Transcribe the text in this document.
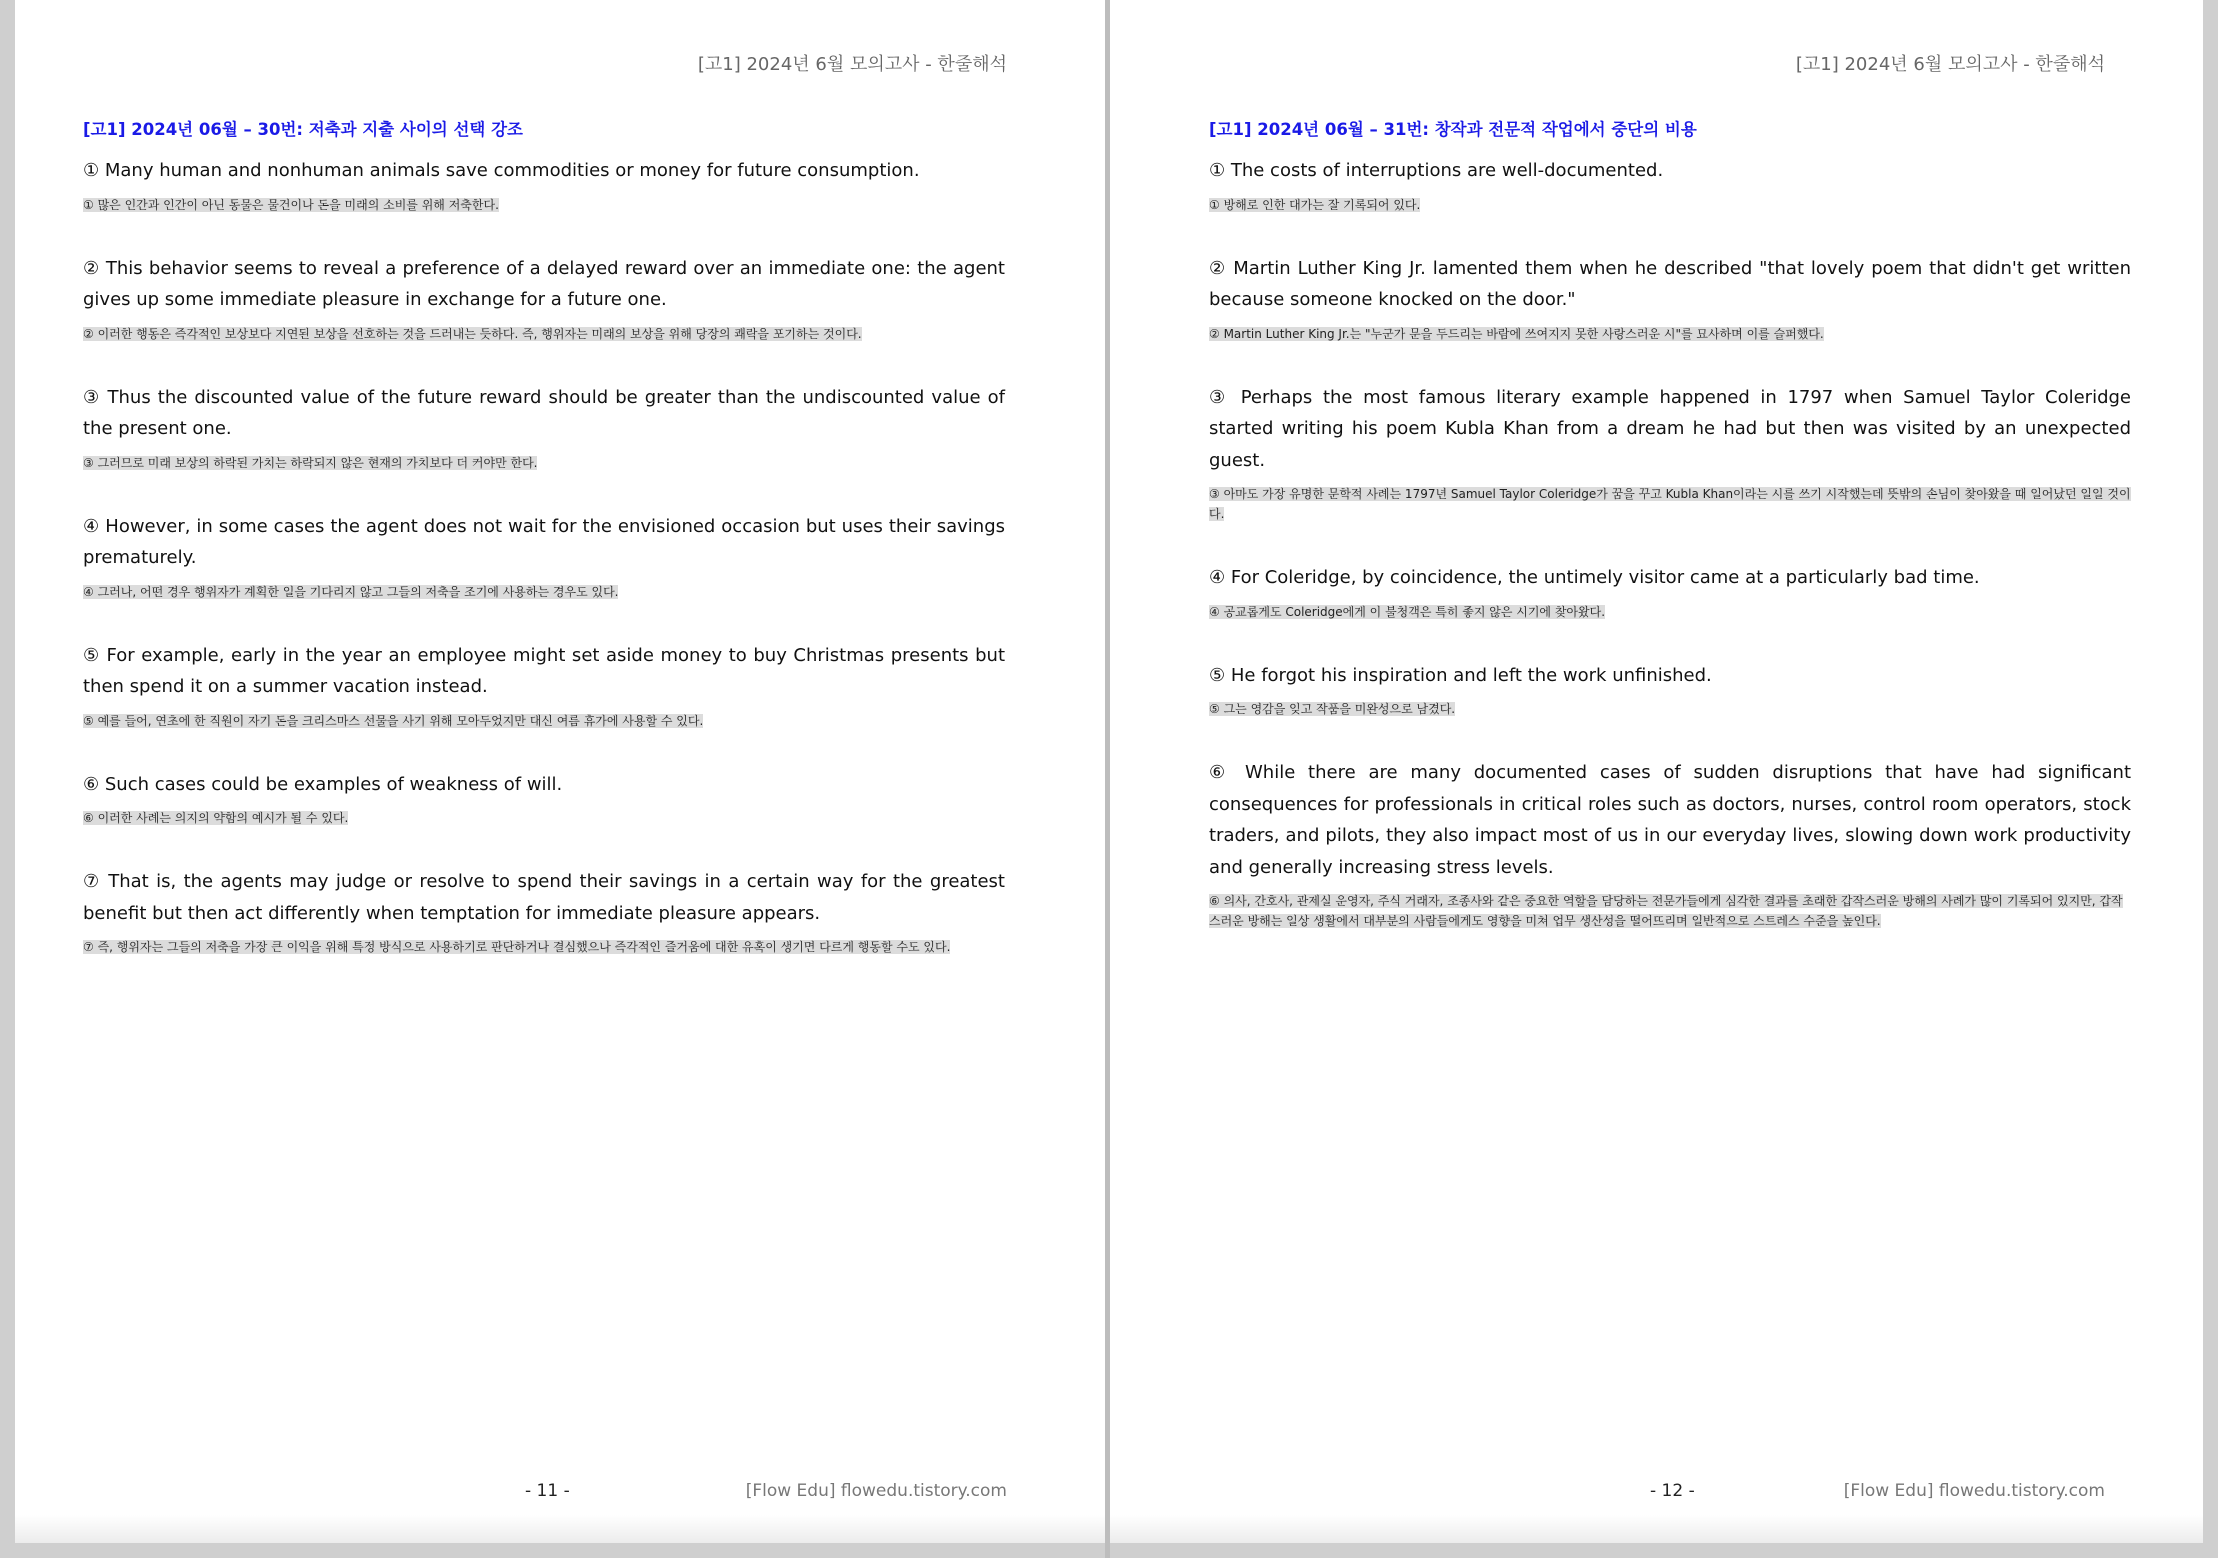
[고1] 2024년 6월 모의고사 - 한줄해석
[고1] 2024년 06월 – 30번: 저축과 지출 사이의 선택 강조

① Many human and nonhuman animals save commodities or money for future consumption.

① 많은 인간과 인간이 아닌 동물은 물건이나 돈을 미래의 소비를 위해 저축한다.

② This behavior seems to reveal a preference of a delayed reward over an immediate one: the agent gives up some immediate pleasure in exchange for a future one.

② 이러한 행동은 즉각적인 보상보다 지연된 보상을 선호하는 것을 드러내는 듯하다. 즉, 행위자는 미래의 보상을 위해 당장의 쾌락을 포기하는 것이다.

③ Thus the discounted value of the future reward should be greater than the undiscounted value of the present one.

③ 그러므로 미래 보상의 하락된 가치는 하락되지 않은 현재의 가치보다 더 커야만 한다.

④ However, in some cases the agent does not wait for the envisioned occasion but uses their savings prematurely.

④ 그러나, 어떤 경우 행위자가 계획한 일을 기다리지 않고 그들의 저축을 조기에 사용하는 경우도 있다.

⑤ For example, early in the year an employee might set aside money to buy Christmas presents but then spend it on a summer vacation instead.

⑤ 예를 들어, 연초에 한 직원이 자기 돈을 크리스마스 선물을 사기 위해 모아두었지만 대신 여름 휴가에 사용할 수 있다.

⑥ Such cases could be examples of weakness of will.

⑥ 이러한 사례는 의지의 약함의 예시가 될 수 있다.

⑦ That is, the agents may judge or resolve to spend their savings in a certain way for the greatest benefit but then act differently when temptation for immediate pleasure appears.

⑦ 즉, 행위자는 그들의 저축을 가장 큰 이익을 위해 특정 방식으로 사용하기로 판단하거나 결심했으나 즉각적인 즐거움에 대한 유혹이 생기면 다르게 행동할 수도 있다.
- 11 -	[Flow Edu] flowedu.tistory.com
[고1] 2024년 6월 모의고사 - 한줄해석
[고1] 2024년 06월 – 31번: 창작과 전문적 작업에서 중단의 비용

① The costs of interruptions are well-documented.

① 방해로 인한 대가는 잘 기록되어 있다.

② Martin Luther King Jr. lamented them when he described "that lovely poem that didn't get written because someone knocked on the door."

② Martin Luther King Jr.는 "누군가 문을 두드리는 바람에 쓰여지지 못한 사랑스러운 시"를 묘사하며 이를 슬퍼했다.

③ Perhaps the most famous literary example happened in 1797 when Samuel Taylor Coleridge started writing his poem Kubla Khan from a dream he had but then was visited by an unexpected guest.

③ 아마도 가장 유명한 문학적 사례는 1797년 Samuel Taylor Coleridge가 꿈을 꾸고 Kubla Khan이라는 시를 쓰기 시작했는데 뜻밖의 손님이 찾아왔을 때 일어났던 일일 것이다.

④ For Coleridge, by coincidence, the untimely visitor came at a particularly bad time.

④ 공교롭게도 Coleridge에게 이 불청객은 특히 좋지 않은 시기에 찾아왔다.

⑤ He forgot his inspiration and left the work unfinished.

⑤ 그는 영감을 잊고 작품을 미완성으로 남겼다.

⑥ While there are many documented cases of sudden disruptions that have had significant consequences for professionals in critical roles such as doctors, nurses, control room operators, stock traders, and pilots, they also impact most of us in our everyday lives, slowing down work productivity and generally increasing stress levels.

⑥ 의사, 간호사, 관제실 운영자, 주식 거래자, 조종사와 같은 중요한 역할을 담당하는 전문가들에게 심각한 결과를 초래한 갑작스러운 방해의 사례가 많이 기록되어 있지만, 갑작스러운 방해는 일상 생활에서 대부분의 사람들에게도 영향을 미쳐 업무 생산성을 떨어뜨리며 일반적으로 스트레스 수준을 높인다.
- 12 -	[Flow Edu] flowedu.tistory.com
